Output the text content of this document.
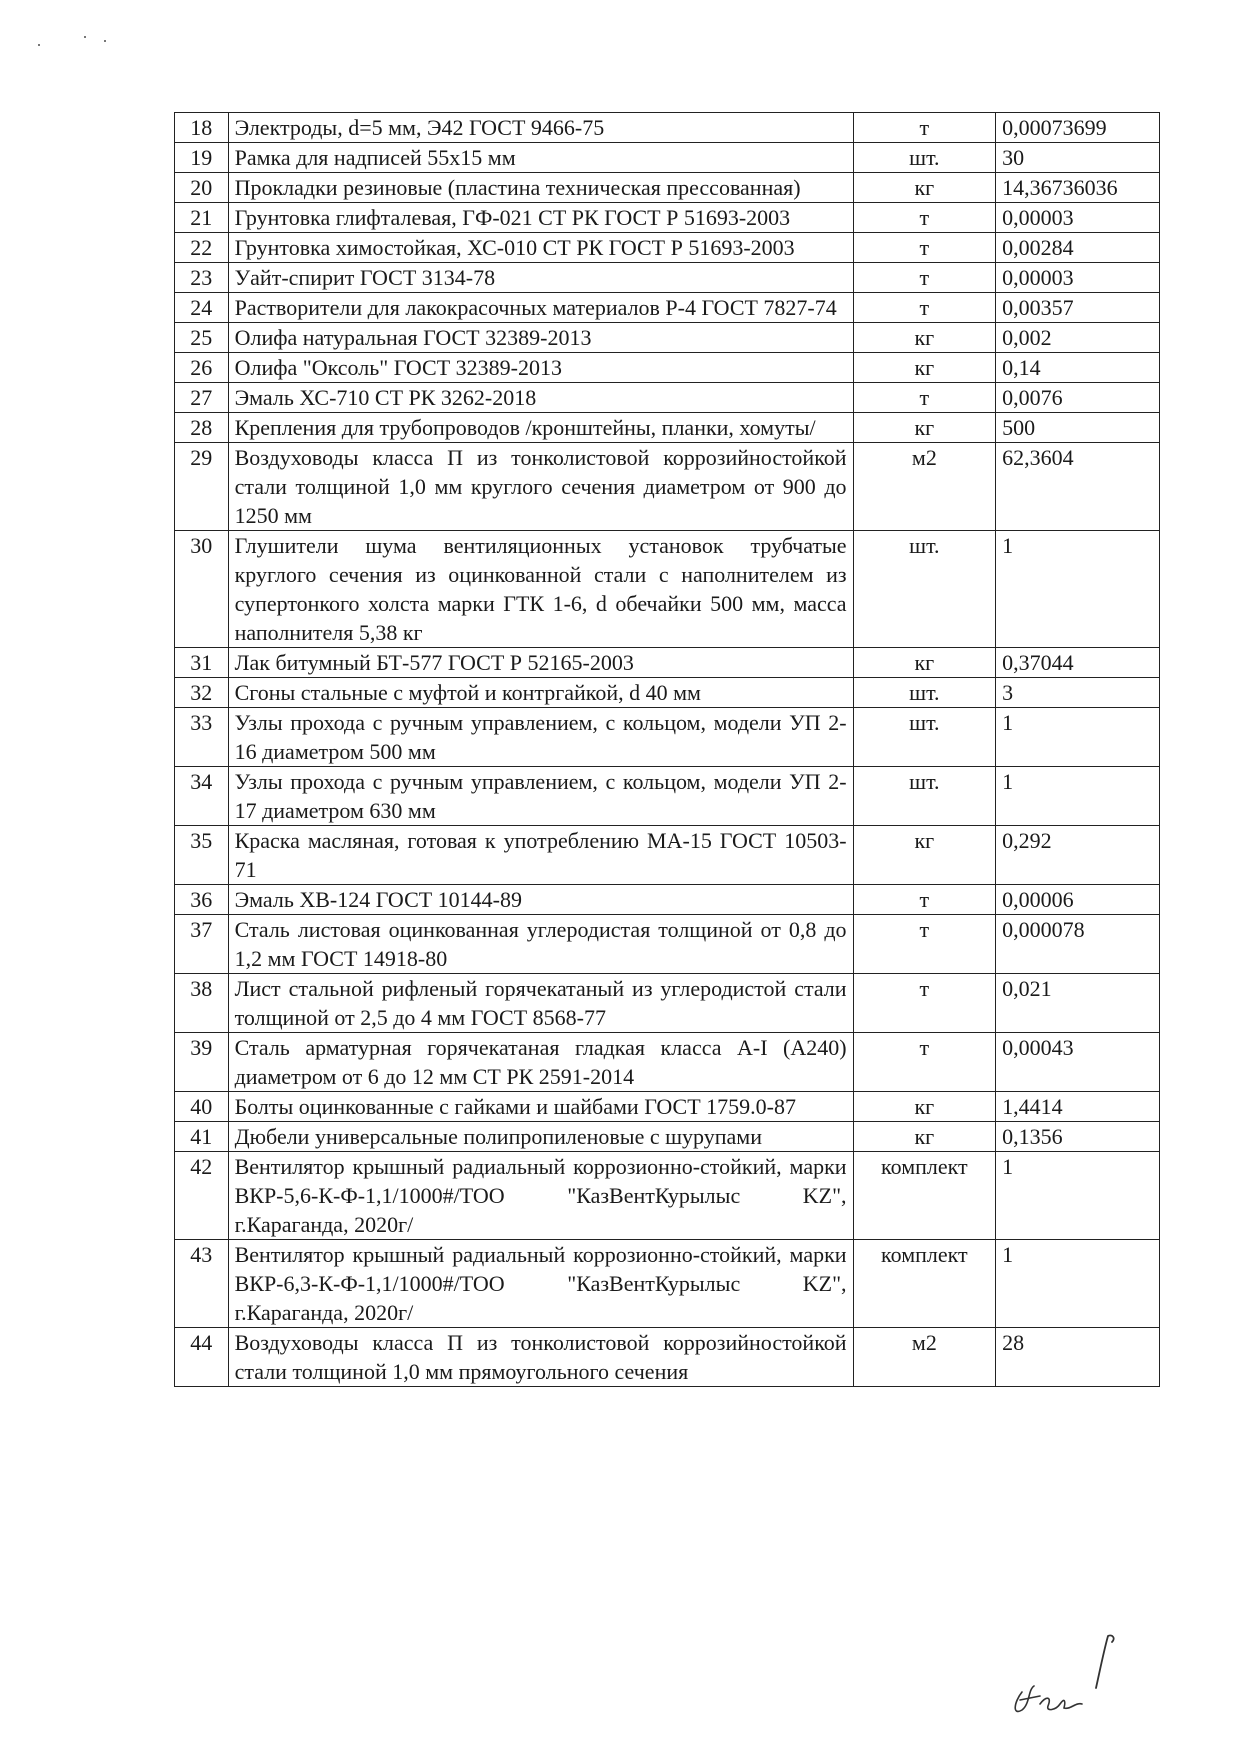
18	Электроды, d=5 мм, Э42 ГОСТ 9466-75	т	0,00073699
19	Рамка для надписей 55x15 мм	шт.	30
20	Прокладки резиновые (пластина техническая прессованная)	кг	14,36736036
21	Грунтовка глифталевая, ГФ-021 СТ РК ГОСТ Р 51693-2003	т	0,00003
22	Грунтовка химостойкая, ХС-010 СТ РК ГОСТ Р 51693-2003	т	0,00284
23	Уайт-спирит ГОСТ 3134-78	т	0,00003
24	Растворители для лакокрасочных материалов Р-4 ГОСТ 7827-74	т	0,00357
25	Олифа натуральная ГОСТ 32389-2013	кг	0,002
26	Олифа "Оксоль" ГОСТ 32389-2013	кг	0,14
27	Эмаль ХС-710 СТ РК 3262-2018	т	0,0076
28	Крепления для трубопроводов /кронштейны, планки, хомуты/	кг	500
29	Воздуховоды класса П из тонколистовой коррозийностойкой стали толщиной 1,0 мм круглого сечения диаметром от 900 до 1250 мм	м2	62,3604
30	Глушители шума вентиляционных установок трубчатые круглого сечения из оцинкованной стали с наполнителем из супертонкого холста марки ГТК 1-6, d обечайки 500 мм, масса наполнителя 5,38 кг	шт.	1
31	Лак битумный БТ-577 ГОСТ Р 52165-2003	кг	0,37044
32	Сгоны стальные с муфтой и контргайкой, d 40 мм	шт.	3
33	Узлы прохода с ручным управлением, с кольцом, модели УП 2-16 диаметром 500 мм	шт.	1
34	Узлы прохода с ручным управлением, с кольцом, модели УП 2-17 диаметром 630 мм	шт.	1
35	Краска масляная, готовая к употреблению МА-15 ГОСТ 10503-71	кг	0,292
36	Эмаль ХВ-124 ГОСТ 10144-89	т	0,00006
37	Сталь листовая оцинкованная углеродистая толщиной от 0,8 до 1,2 мм ГОСТ 14918-80	т	0,000078
38	Лист стальной рифленый горячекатаный из углеродистой стали толщиной от 2,5 до 4 мм ГОСТ 8568-77	т	0,021
39	Сталь арматурная горячекатаная гладкая класса А-I (А240) диаметром от 6 до 12 мм СТ РК 2591-2014	т	0,00043
40	Болты оцинкованные с гайками и шайбами ГОСТ 1759.0-87	кг	1,4414
41	Дюбели универсальные полипропиленовые с шурупами	кг	0,1356
42	Вентилятор крышный радиальный коррозионно-стойкий, марки ВКР-5,6-К-Ф-1,1/1000#/ТОО "КазВентКурылыс KZ", г.Караганда, 2020г/	комплект	1
43	Вентилятор крышный радиальный коррозионно-стойкий, марки ВКР-6,3-К-Ф-1,1/1000#/ТОО "КазВентКурылыс KZ", г.Караганда, 2020г/	комплект	1
44	Воздуховоды класса П из тонколистовой коррозийностойкой стали толщиной 1,0 мм прямоугольного сечения	м2	28
